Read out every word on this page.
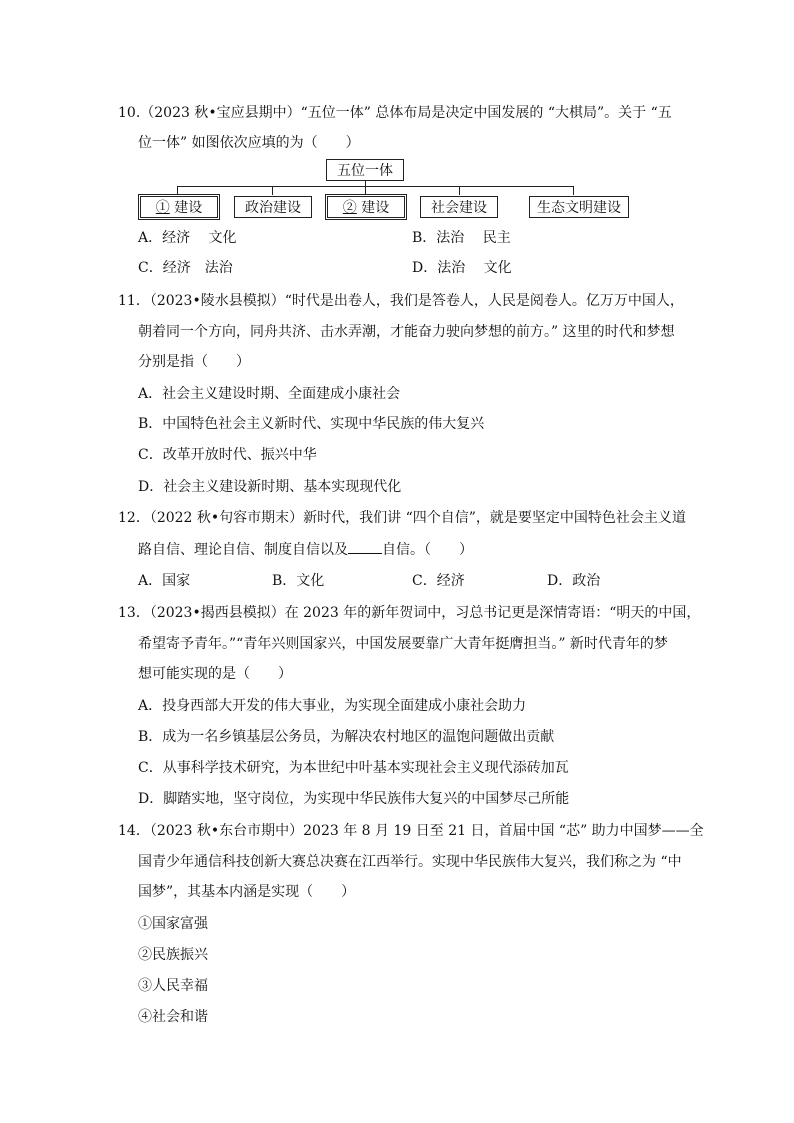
10.（2023 秋•宝应县期中）“五位一体” 总体布局是决定中国发展的 “大棋局”。关于 “五
位一体” 如图依次应填的为（　　）
五位一体
① 建设	政治建设	② 建设	社会建设	生态文明建设
A．经济　 文化	B．法治　 民主
C．经济　法治	D．法治　 文化
11．（2023•陵水县模拟）“时代是出卷人，我们是答卷人，人民是阅卷人。亿万万中国人，
朝着同一个方向，同舟共济、击水弄潮，才能奋力驶向梦想的前方。” 这里的时代和梦想
分别是指（　　）
A．社会主义建设时期、全面建成小康社会
B．中国特色社会主义新时代、实现中华民族的伟大复兴
C．改革开放时代、振兴中华
D．社会主义建设新时期、基本实现现代化
12．（2022 秋•句容市期末）新时代，我们讲 “四个自信”，就是要坚定中国特色社会主义道
路自信、理论自信、制度自信以及 自信。（　　）
A．国家	B．文化	C．经济	D．政治
13．（2023•揭西县模拟）在 2023 年的新年贺词中，习总书记更是深情寄语：“明天的中国，
希望寄予青年。”“青年兴则国家兴，中国发展要靠广大青年挺膺担当。” 新时代青年的梦
想可能实现的是（　　）
A．投身西部大开发的伟大事业，为实现全面建成小康社会助力
B．成为一名乡镇基层公务员，为解决农村地区的温饱问题做出贡献
C．从事科学技术研究，为本世纪中叶基本实现社会主义现代添砖加瓦
D．脚踏实地，坚守岗位，为实现中华民族伟大复兴的中国梦尽己所能
14．（2023 秋•东台市期中）2023 年 8 月 19 日至 21 日，首届中国 “芯” 助力中国梦——全
国青少年通信科技创新大赛总决赛在江西举行。实现中华民族伟大复兴，我们称之为 “中
国梦”，其基本内涵是实现（　　）
①国家富强
②民族振兴
③人民幸福
④社会和谐
